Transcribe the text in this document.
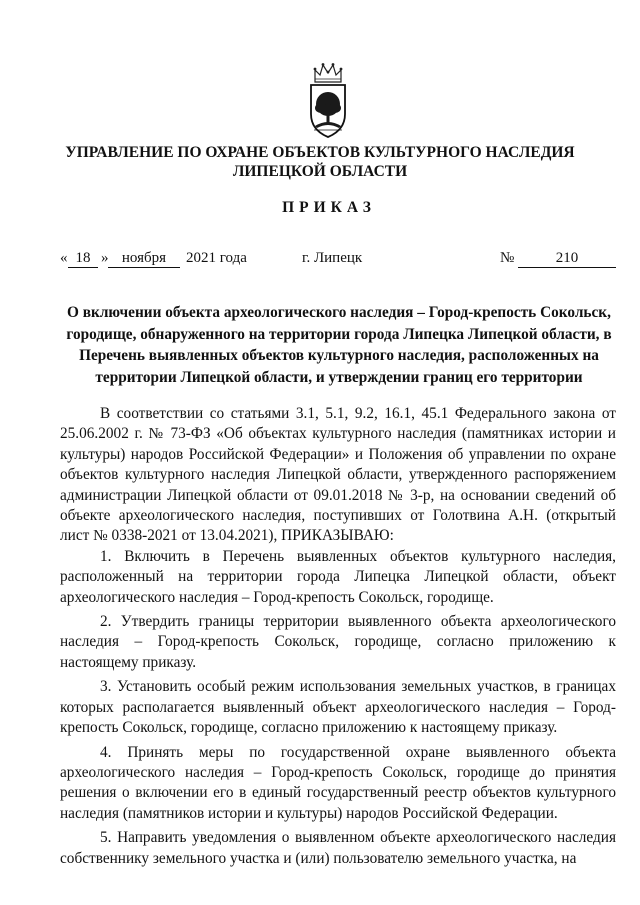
УПРАВЛЕНИЕ ПО ОХРАНЕ ОБЪЕКТОВ КУЛЬТУРНОГО НАСЛЕДИЯ
ЛИПЕЦКОЙ ОБЛАСТИ
ПРИКАЗ
« 18 » ноября	2021 года	г. Липецк	№	210
О включении объекта археологического наследия – Город-крепость Сокольск, городище, обнаруженного на территории города Липецка Липецкой области, в Перечень выявленных объектов культурного наследия, расположенных на территории Липецкой области, и утверждении границ его территории

В соответствии со статьями 3.1, 5.1, 9.2, 16.1, 45.1 Федерального закона от 25.06.2002 г. № 73-ФЗ «Об объектах культурного наследия (памятниках истории и культуры) народов Российской Федерации» и Положения об управлении по охране объектов культурного наследия Липецкой области, утвержденного распоряжением администрации Липецкой области от 09.01.2018 № 3-р, на основании сведений об объекте археологического наследия, поступивших от Голотвина А.Н. (открытый лист № 0338-2021 от 13.04.2021), ПРИКАЗЫВАЮ:

1. Включить в Перечень выявленных объектов культурного наследия, расположенный на территории города Липецка Липецкой области, объект археологического наследия – Город-крепость Сокольск, городище.

2. Утвердить границы территории выявленного объекта археологического наследия – Город-крепость Сокольск, городище, согласно приложению к настоящему приказу.

3. Установить особый режим использования земельных участков, в границах которых располагается выявленный объект археологического наследия – Город-крепость Сокольск, городище, согласно приложению к настоящему приказу.

4. Принять меры по государственной охране выявленного объекта археологического наследия – Город-крепость Сокольск, городище до принятия решения о включении его в единый государственный реестр объектов культурного наследия (памятников истории и культуры) народов Российской Федерации.

5. Направить уведомления о выявленном объекте археологического наследия собственнику земельного участка и (или) пользователю земельного участка, на
